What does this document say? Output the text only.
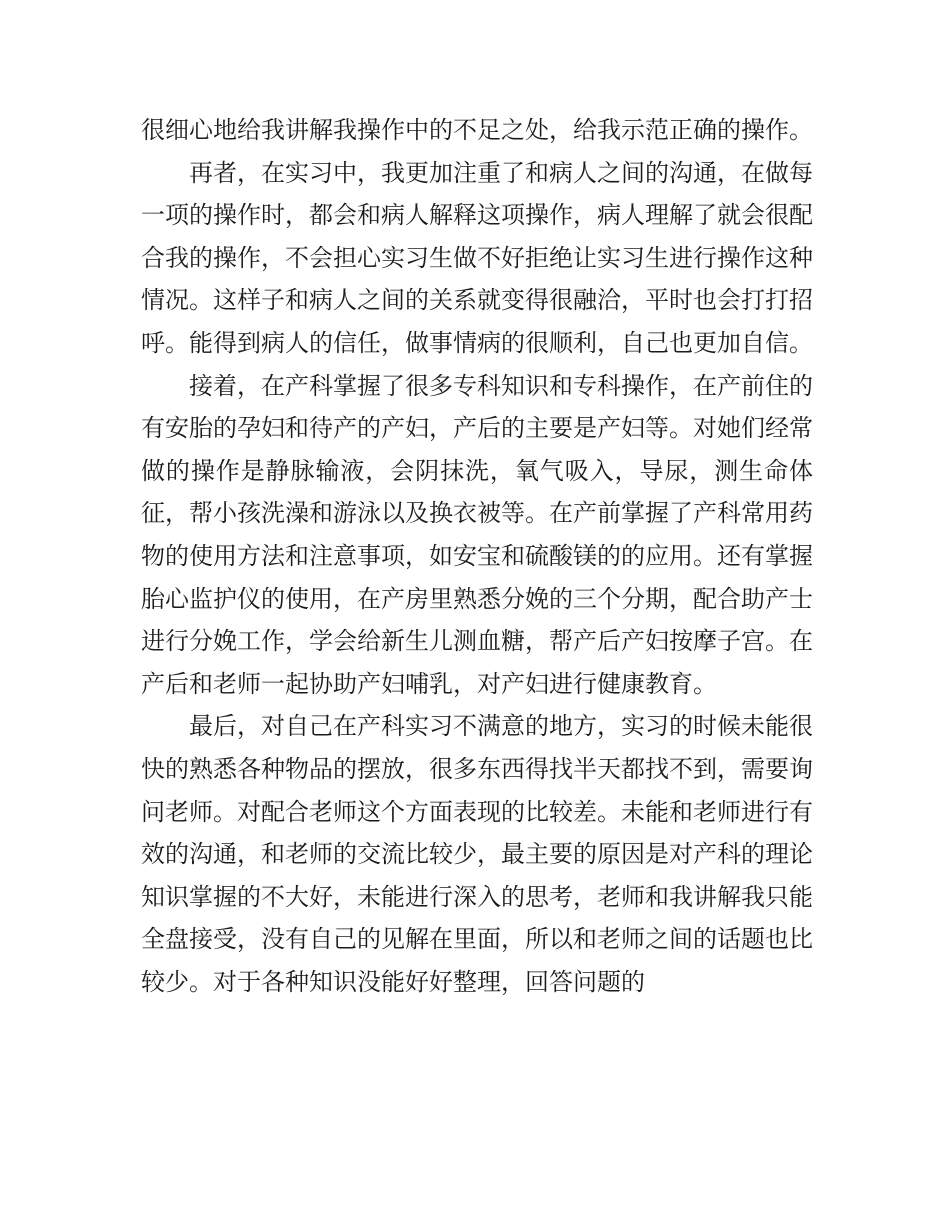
很细心地给我讲解我操作中的不足之处，给我示范正确的操作。

再者，在实习中，我更加注重了和病人之间的沟通，在做每一项的操作时，都会和病人解释这项操作，病人理解了就会很配合我的操作，不会担心实习生做不好拒绝让实习生进行操作这种情况。这样子和病人之间的关系就变得很融洽，平时也会打打招呼。能得到病人的信任，做事情病的很顺利，自己也更加自信。

接着，在产科掌握了很多专科知识和专科操作，在产前住的有安胎的孕妇和待产的产妇，产后的主要是产妇等。对她们经常做的操作是静脉输液，会阴抹洗，氧气吸入，导尿，测生命体征，帮小孩洗澡和游泳以及换衣被等。在产前掌握了产科常用药物的使用方法和注意事项，如安宝和硫酸镁的的应用。还有掌握胎心监护仪的使用，在产房里熟悉分娩的三个分期，配合助产士进行分娩工作，学会给新生儿测血糖，帮产后产妇按摩子宫。在产后和老师一起协助产妇哺乳，对产妇进行健康教育。

最后，对自己在产科实习不满意的地方，实习的时候未能很快的熟悉各种物品的摆放，很多东西得找半天都找不到，需要询问老师。对配合老师这个方面表现的比较差。未能和老师进行有效的沟通，和老师的交流比较少，最主要的原因是对产科的理论知识掌握的不大好，未能进行深入的思考，老师和我讲解我只能全盘接受，没有自己的见解在里面，所以和老师之间的话题也比较少。对于各种知识没能好好整理，回答问题的
